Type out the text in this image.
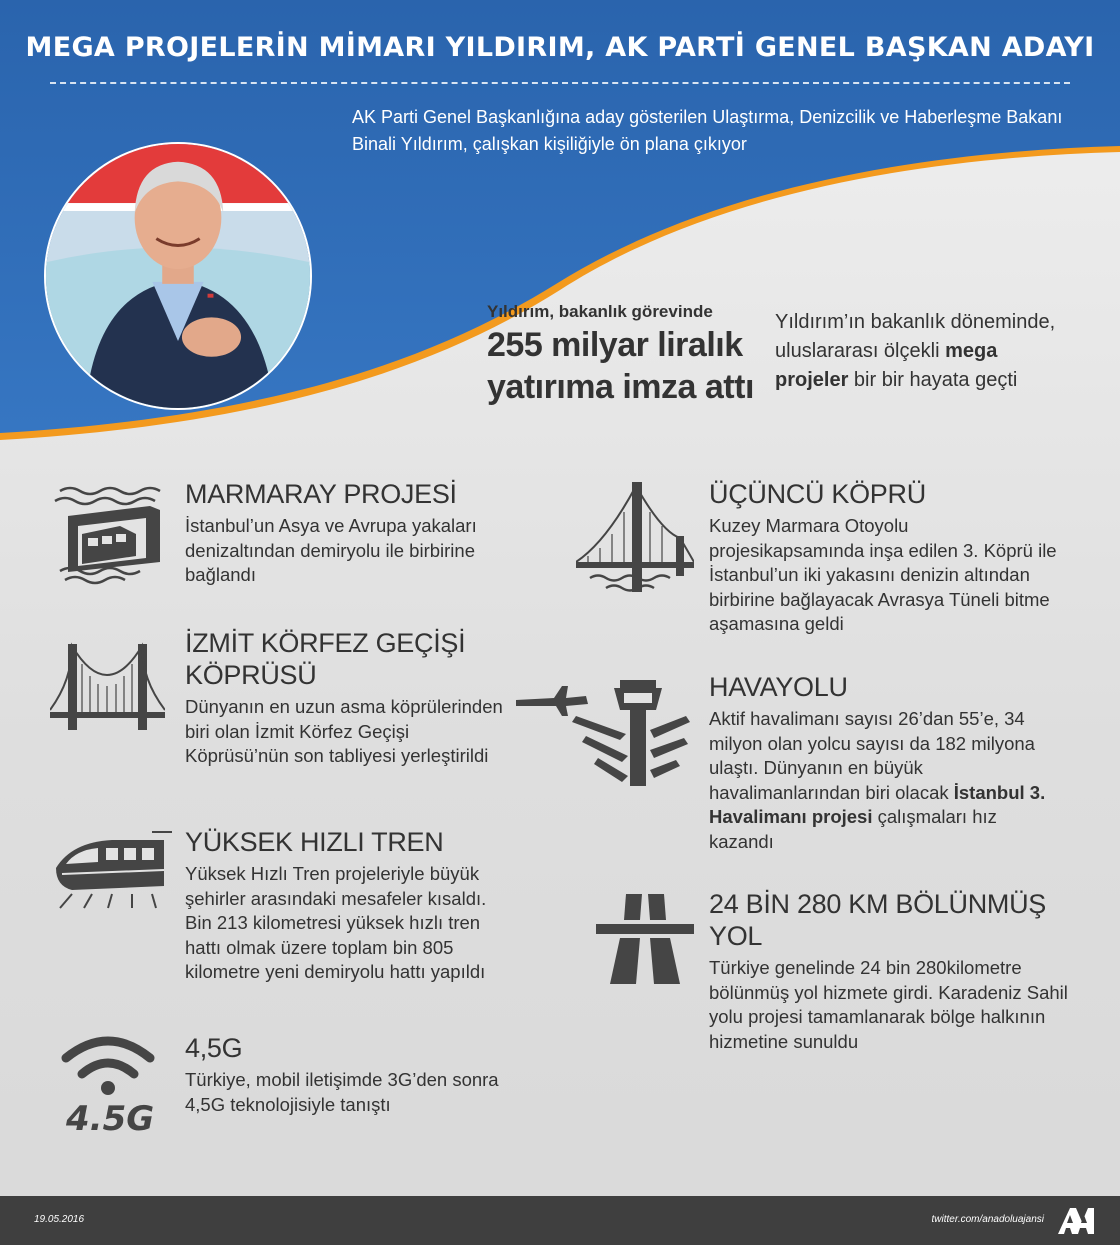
MEGA PROJELERİN MİMARI YILDIRIM, AK PARTİ GENEL BAŞKAN ADAYI

AK Parti Genel Başkanlığına aday gösterilen Ulaştırma, Denizcilik ve Haberleşme Bakanı Binali Yıldırım, çalışkan kişiliğiyle ön plana çıkıyor

Yıldırım, bakanlık görevinde
255 milyar liralık
yatırıma imza attı
Yıldırım’ın bakanlık döneminde, uluslararası ölçekli mega projeler bir bir hayata geçti
MARMARAY PROJESİ

İstanbul’un Asya ve Avrupa yakaları denizaltından demiryolu ile birbirine bağlandı

İZMİT KÖRFEZ GEÇİŞİ KÖPRÜSÜ

Dünyanın en uzun asma köprülerinden biri olan İzmit Körfez Geçişi Köprüsü’nün son tabliyesi yerleştirildi

YÜKSEK HIZLI TREN

Yüksek Hızlı Tren projeleriyle büyük şehirler arasındaki mesafeler kısaldı. Bin 213 kilometresi yüksek hızlı tren hattı olmak üzere toplam bin 805 kilometre yeni demiryolu hattı yapıldı

4.5G
4,5G

Türkiye, mobil iletişimde 3G’den sonra 4,5G teknolojisiyle tanıştı

ÜÇÜNCÜ KÖPRÜ

Kuzey Marmara Otoyolu projesikapsamında inşa edilen 3. Köprü ile İstanbul’un iki yakasını denizin altından birbirine bağlayacak Avrasya Tüneli bitme aşamasına geldi

HAVAYOLU

Aktif havalimanı sayısı 26’dan 55’e, 34 milyon olan yolcu sayısı da 182 milyona ulaştı. Dünyanın en büyük havalimanlarından biri olacak İstanbul 3. Havalimanı projesi çalışmaları hız kazandı

24 BİN 280 KM BÖLÜNMÜŞ YOL

Türkiye genelinde 24 bin 280kilometre bölünmüş yol hizmete girdi. Karadeniz Sahil yolu projesi tamamlanarak bölge halkının hizmetine sunuldu

19.05.2016	twitter.com/anadoluajansi
